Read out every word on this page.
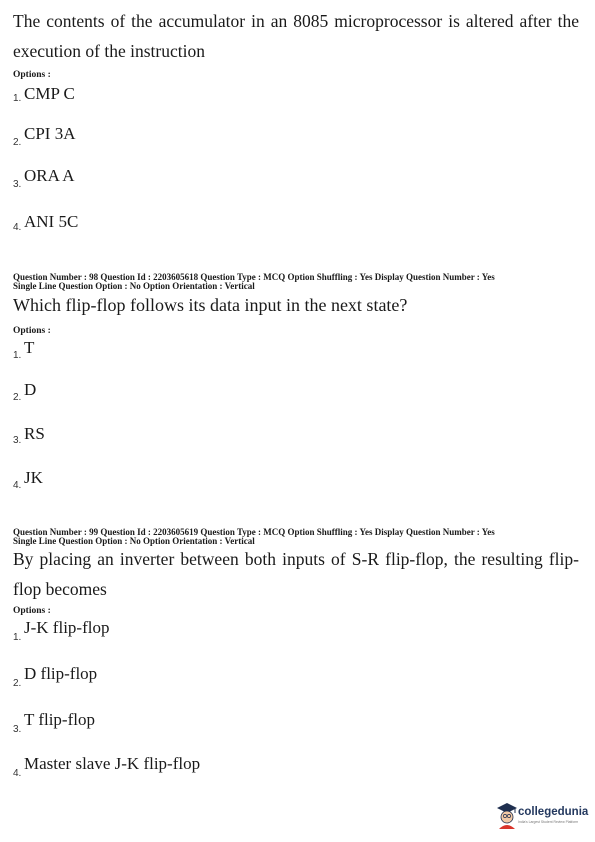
The contents of the accumulator in an 8085 microprocessor is altered after the execution of the instruction
Options :
1. CMP C
2. CPI 3A
3. ORA A
4. ANI 5C
Question Number : 98 Question Id : 2203605618 Question Type : MCQ Option Shuffling : Yes Display Question Number : Yes
Single Line Question Option : No Option Orientation : Vertical
Which flip-flop follows its data input in the next state?
Options :
1. T
2. D
3. RS
4. JK
Question Number : 99 Question Id : 2203605619 Question Type : MCQ Option Shuffling : Yes Display Question Number : Yes
Single Line Question Option : No Option Orientation : Vertical
By placing an inverter between both inputs of S-R flip-flop, the resulting flip-flop becomes
Options :
1.
J-K flip-flop
2.
D flip-flop
3.
T flip-flop
4.
Master slave J-K flip-flop
collegedunia
India's Largest Student Review Platform
